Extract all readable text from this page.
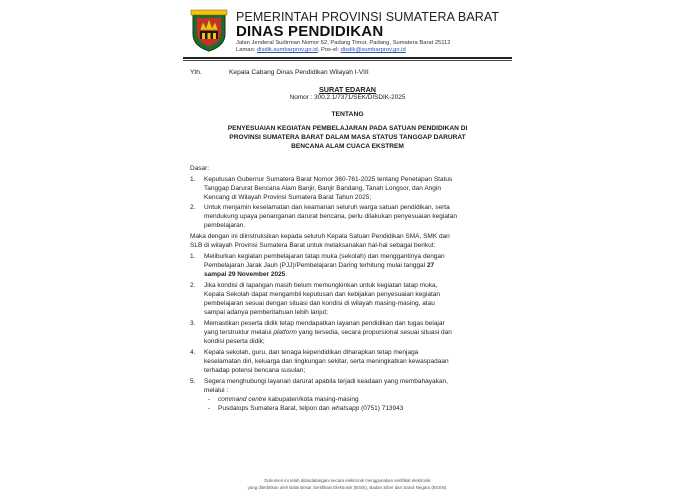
PEMERINTAH PROVINSI SUMATERA BARAT
DINAS PENDIDIKAN
Jalan Jenderal Sudirman Nomor 52, Padang Timur, Padang, Sumatera Barat 25112
Laman: disdik.sumbarprov.go.id, Pos-el: disdik@sumbarprov.go.id
Yth.	Kepala Cabang Dinas Pendidikan Wilayah I-VIII
SURAT EDARAN
Nomor : 300.2.1/7371/SEK/DISDIK-2025
TENTANG
PENYESUAIAN KEGIATAN PEMBELAJARAN PADA SATUAN PENDIDIKAN DI
PROVINSI SUMATERA BARAT DALAM MASA STATUS TANGGAP DARURAT
BENCANA ALAM CUACA EKSTREM
Dasar:
1. Keputusan Gubernur Sumatera Barat Nomor 360-761-2025 tentang Penetapan Status
Tanggap Darurat Bencana Alam Banjir, Banjir Bandang, Tanah Longsor, dan Angin
Kencang di Wilayah Provinsi Sumatera Barat Tahun 2025;
2. Untuk menjamin keselamatan dan keamanan seluruh warga satuan pendidikan, serta
mendukung upaya penanganan darurat bencana, perlu dilakukan penyesuaian kegiatan
pembelajaran.
Maka dengan ini diinstruksikan kepada seluruh Kepala Satuan Pendidikan SMA, SMK dan
SLB di wilayah Provinsi Sumatera Barat untuk melaksanakan hal-hal sebagai berikut:
1. Meliburkan kegiatan pembelajaran tatap muka (sekolah) dan menggantinya dengan
Pembelajaran Jarak Jauh (PJJ)/Pembelajaran Daring terhitung mulai tanggal 27
sampai 29 November 2025.
2. Jika kondisi di lapangan masih belum memungkinkan untuk kegiatan tatap muka,
Kepala Sekolah dapat mengambil keputusan dan kebijakan penyesuaian kegiatan
pembelajaran sesuai dengan situasi dan kondisi di wilayah masing-masing, atau
sampai adanya pemberitahuan lebih lanjut;
3. Memastikan peserta didik tetap mendapatkan layanan pendidikan dan tugas belajar
yang terstruktur melalui platform yang tersedia, secara proporsional sesuai situasi dan
kondisi peserta didik;
4. Kepala sekolah, guru, dan tenaga kependidikan diharapkan tetap menjaga
keselamatan diri, keluarga dan lingkungan sekitar, serta meningkatkan kewaspadaan
terhadap potensi bencana susulan;
5. Segera menghubungi layanan darurat apabila terjadi keadaan yang membahayakan,
melalui :
- command centre kabupaten/kota masing-masing
- Pusdalops Sumatera Barat, telpon dan whatsapp (0751) 713943
Dokumen ini telah ditandatangani secara elektronik menggunakan sertifikat elektronik
yang diterbitkan oleh Balai Besar Sertifikasi Elektronik (BSrE), Badan Siber dan Sandi Negara (BSSN).
